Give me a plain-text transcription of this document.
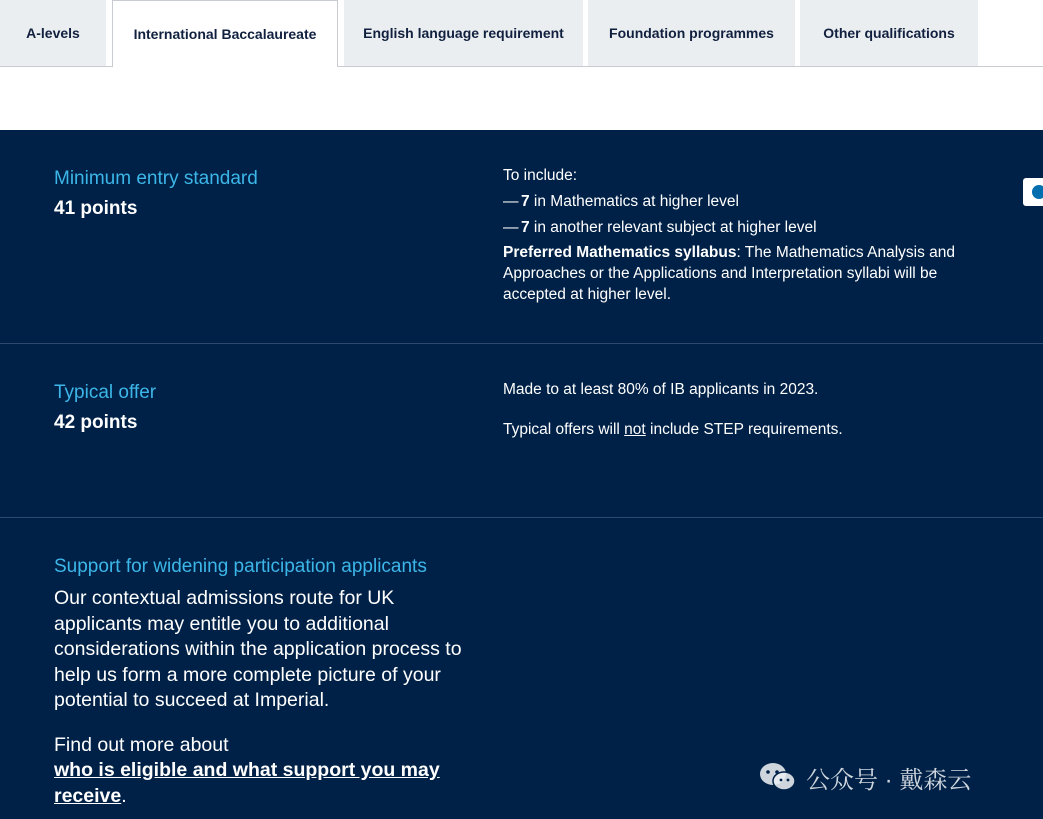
A-levels	International Baccalaureate	English language requirement	Foundation programmes	Other qualifications
Minimum entry standard
41 points

To include:

— 7 in Mathematics at higher level

— 7 in another relevant subject at higher level

Preferred Mathematics syllabus: The Mathematics Analysis and Approaches or the Applications and Interpretation syllabi will be accepted at higher level.

Typical offer
42 points

Made to at least 80% of IB applicants in 2023.

Typical offers will not include STEP requirements.

Support for widening participation applicants

Our contextual admissions route for UK applicants may entitle you to additional considerations within the application process to help us form a more complete picture of your potential to succeed at Imperial.

Find out more about
who is eligible and what support you may receive.

公众号 · 戴森云
